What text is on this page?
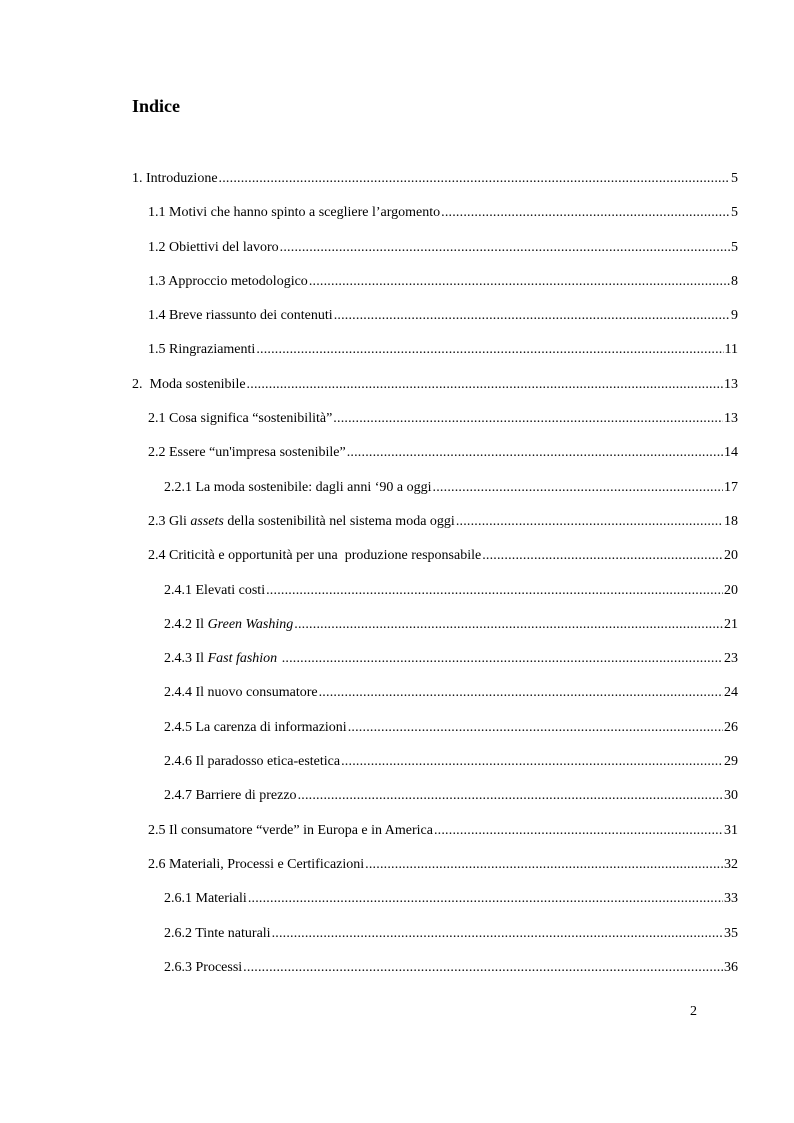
Indice
1. Introduzione .....	5
1.1 Motivi che hanno spinto a scegliere l’argomento .....	5
1.2 Obiettivi del lavoro .....	5
1.3 Approccio metodologico .....	8
1.4 Breve riassunto dei contenuti .....	9
1.5 Ringraziamenti .....	11
2.  Moda sostenibile .....	13
2.1 Cosa significa “sostenibilità” .....	13
2.2 Essere “un'impresa sostenibile” .....	14
2.2.1 La moda sostenibile: dagli anni ‘90 a oggi .....	17
2.3 Gli assets della sostenibilità nel sistema moda oggi .....	18
2.4 Criticità e opportunità per una  produzione responsabile .....	20
2.4.1 Elevati costi .....	20
2.4.2 Il Green Washing .....	21
2.4.3 Il Fast fashion .....	23
2.4.4 Il nuovo consumatore .....	24
2.4.5 La carenza di informazioni .....	26
2.4.6 Il paradosso etica-estetica .....	29
2.4.7 Barriere di prezzo .....	30
2.5 Il consumatore “verde” in Europa e in America .....	31
2.6 Materiali, Processi e Certificazioni .....	32
2.6.1 Materiali .....	33
2.6.2 Tinte naturali .....	35
2.6.3 Processi .....	36
2
